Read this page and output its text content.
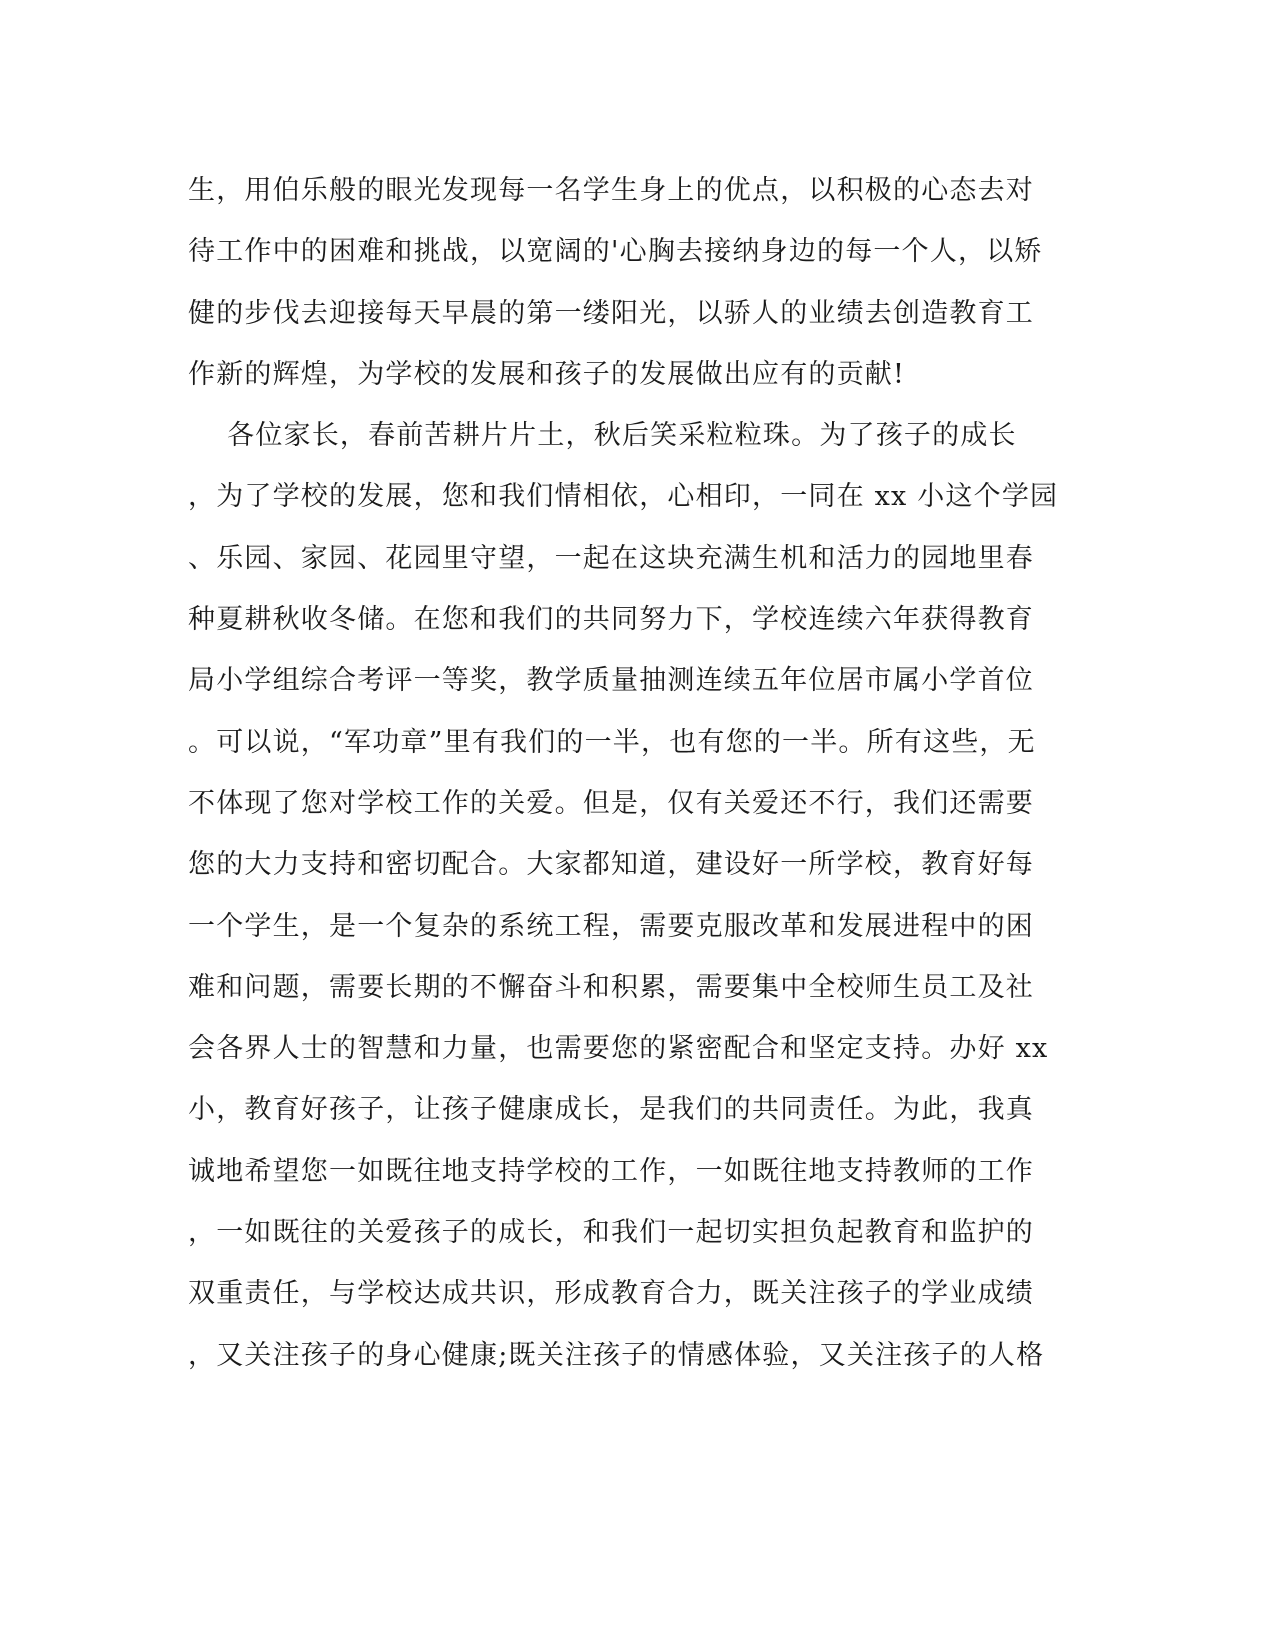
生，用伯乐般的眼光发现每一名学生身上的优点，以积极的心态去对
待工作中的困难和挑战，以宽阔的'心胸去接纳身边的每一个人，以矫
健的步伐去迎接每天早晨的第一缕阳光，以骄人的业绩去创造教育工
作新的辉煌，为学校的发展和孩子的发展做出应有的贡献!
各位家长，春前苦耕片片土，秋后笑采粒粒珠。为了孩子的成长
，为了学校的发展，您和我们情相依，心相印，一同在 xx 小这个学园
、乐园、家园、花园里守望，一起在这块充满生机和活力的园地里春
种夏耕秋收冬储。在您和我们的共同努力下，学校连续六年获得教育
局小学组综合考评一等奖，教学质量抽测连续五年位居市属小学首位
。可以说，“军功章”里有我们的一半，也有您的一半。所有这些，无
不体现了您对学校工作的关爱。但是，仅有关爱还不行，我们还需要
您的大力支持和密切配合。大家都知道，建设好一所学校，教育好每
一个学生，是一个复杂的系统工程，需要克服改革和发展进程中的困
难和问题，需要长期的不懈奋斗和积累，需要集中全校师生员工及社
会各界人士的智慧和力量，也需要您的紧密配合和坚定支持。办好 xx
小，教育好孩子，让孩子健康成长，是我们的共同责任。为此，我真
诚地希望您一如既往地支持学校的工作，一如既往地支持教师的工作
，一如既往的关爱孩子的成长，和我们一起切实担负起教育和监护的
双重责任，与学校达成共识，形成教育合力，既关注孩子的学业成绩
，又关注孩子的身心健康;既关注孩子的情感体验，又关注孩子的人格
